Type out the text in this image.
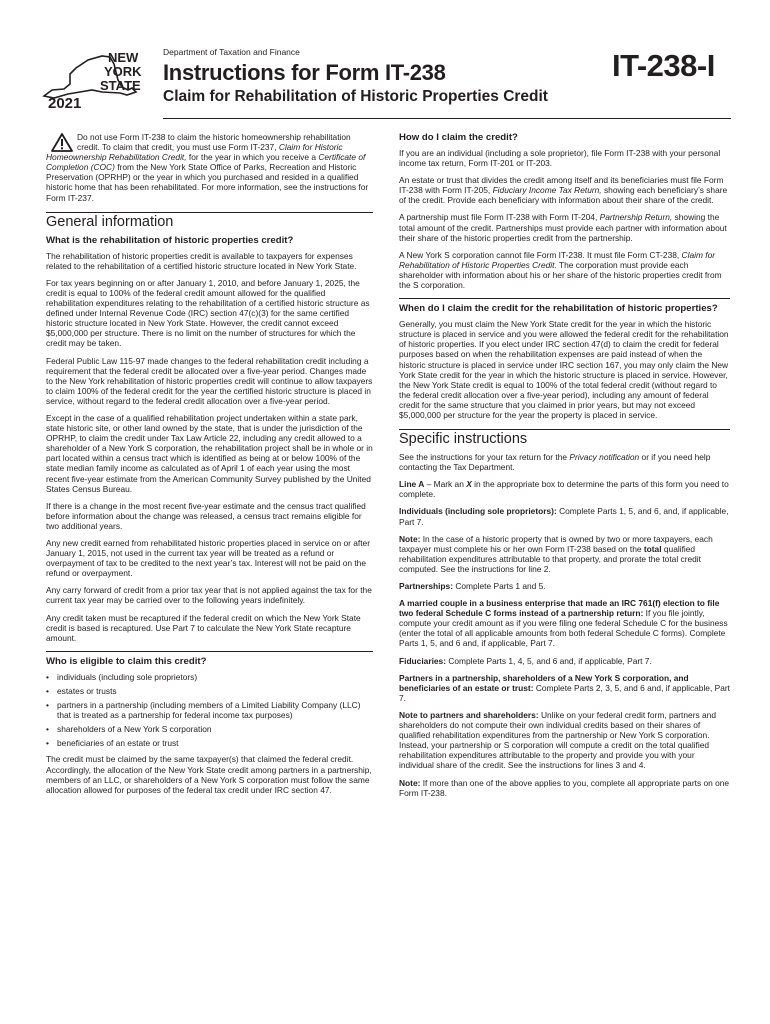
NEW
YORK
STATE
2021
Department of Taxation and Finance
Instructions for Form IT-238	IT-238-I
Claim for Rehabilitation of Historic Properties Credit

Do not use Form IT-238 to claim the historic homeownership rehabilitation credit. To claim that credit, you must use Form IT-237, Claim for Historic Homeownership Rehabilitation Credit, for the year in which you receive a Certificate of Completion (COC) from the New York State Office of Parks, Recreation and Historic Preservation (OPRHP) or the year in which you purchased and resided in a qualified historic home that has been rehabilitated. For more information, see the instructions for Form IT-237.

General information
What is the rehabilitation of historic properties credit?

The rehabilitation of historic properties credit is available to taxpayers for expenses related to the rehabilitation of a certified historic structure located in New York State.

For tax years beginning on or after January 1, 2010, and before January 1, 2025, the credit is equal to 100% of the federal credit amount allowed for the qualified rehabilitation expenditures relating to the rehabilitation of a certified historic structure as defined under Internal Revenue Code (IRC) section 47(c)(3) for the same certified historic structure located in New York State. However, the credit cannot exceed $5,000,000 per structure. There is no limit on the number of structures for which the credit may be taken.

Federal Public Law 115-97 made changes to the federal rehabilitation credit including a requirement that the federal credit be allocated over a five-year period. Changes made to the New York rehabilitation of historic properties credit will continue to allow taxpayers to claim 100% of the federal credit for the year the certified historic structure is placed in service, without regard to the federal credit allocation over a five-year period.

Except in the case of a qualified rehabilitation project undertaken within a state park, state historic site, or other land owned by the state, that is under the jurisdiction of the OPRHP, to claim the credit under Tax Law Article 22, including any credit allowed to a shareholder of a New York S corporation, the rehabilitation project shall be in whole or in part located within a census tract which is identified as being at or below 100% of the state median family income as calculated as of April 1 of each year using the most recent five-year estimate from the American Community Survey published by the United States Census Bureau.

If there is a change in the most recent five-year estimate and the census tract qualified before information about the change was released, a census tract remains eligible for two additional years.

Any new credit earned from rehabilitated historic properties placed in service on or after January 1, 2015, not used in the current tax year will be treated as a refund or overpayment of tax to be credited to the next year’s tax. Interest will not be paid on the refund or overpayment.

Any carry forward of credit from a prior tax year that is not applied against the tax for the current tax year may be carried over to the following years indefinitely.

Any credit taken must be recaptured if the federal credit on which the New York State credit is based is recaptured. Use Part 7 to calculate the New York State recapture amount.

Who is eligible to claim this credit?
• individuals (including sole proprietors)
• estates or trusts
• partners in a partnership (including members of a Limited Liability Company (LLC) that is treated as a partnership for federal income tax purposes)
• shareholders of a New York S corporation
• beneficiaries of an estate or trust

The credit must be claimed by the same taxpayer(s) that claimed the federal credit. Accordingly, the allocation of the New York State credit among partners in a partnership, members of an LLC, or shareholders of a New York S corporation must follow the same allocation allowed for purposes of the federal tax credit under IRC section 47.

How do I claim the credit?

If you are an individual (including a sole proprietor), file Form IT-238 with your personal income tax return, Form IT-201 or IT-203.

An estate or trust that divides the credit among itself and its beneficiaries must file Form IT-238 with Form IT-205, Fiduciary Income Tax Return, showing each beneficiary’s share of the credit. Provide each beneficiary with information about their share of the credit.

A partnership must file Form IT-238 with Form IT-204, Partnership Return, showing the total amount of the credit. Partnerships must provide each partner with information about their share of the historic properties credit from the partnership.

A New York S corporation cannot file Form IT-238. It must file Form CT-238, Claim for Rehabilitation of Historic Properties Credit. The corporation must provide each shareholder with information about his or her share of the historic properties credit from the S corporation.

When do I claim the credit for the rehabilitation of historic properties?

Generally, you must claim the New York State credit for the year in which the historic structure is placed in service and you were allowed the federal credit for the rehabilitation of historic properties. If you elect under IRC section 47(d) to claim the credit for federal purposes based on when the rehabilitation expenses are paid instead of when the historic structure is placed in service under IRC section 167, you may only claim the New York State credit for the year in which the historic structure is placed in service. However, the New York State credit is equal to 100% of the total federal credit (without regard to the federal credit allocation over a five-year period), including any amount of federal credit for the same structure that you claimed in prior years, but may not exceed $5,000,000 per structure for the year the property is placed in service.

Specific instructions

See the instructions for your tax return for the Privacy notification or if you need help contacting the Tax Department.

Line A – Mark an X in the appropriate box to determine the parts of this form you need to complete.

Individuals (including sole proprietors): Complete Parts 1, 5, and 6, and, if applicable, Part 7.

Note: In the case of a historic property that is owned by two or more taxpayers, each taxpayer must complete his or her own Form IT-238 based on the total qualified rehabilitation expenditures attributable to that property, and prorate the total credit computed. See the instructions for line 2.

Partnerships: Complete Parts 1 and 5.

A married couple in a business enterprise that made an IRC 761(f) election to file two federal Schedule C forms instead of a partnership return: If you file jointly, compute your credit amount as if you were filing one federal Schedule C for the business (enter the total of all applicable amounts from both federal Schedule C forms). Complete Parts 1, 5, and 6 and, if applicable, Part 7.

Fiduciaries: Complete Parts 1, 4, 5, and 6 and, if applicable, Part 7.

Partners in a partnership, shareholders of a New York S corporation, and beneficiaries of an estate or trust: Complete Parts 2, 3, 5, and 6 and, if applicable, Part 7.

Note to partners and shareholders: Unlike on your federal credit form, partners and shareholders do not compute their own individual credits based on their shares of qualified rehabilitation expenditures from the partnership or New York S corporation. Instead, your partnership or S corporation will compute a credit on the total qualified rehabilitation expenditures attributable to the property and provide you with your individual share of the credit. See the instructions for lines 3 and 4.

Note: If more than one of the above applies to you, complete all appropriate parts on one Form IT-238.
